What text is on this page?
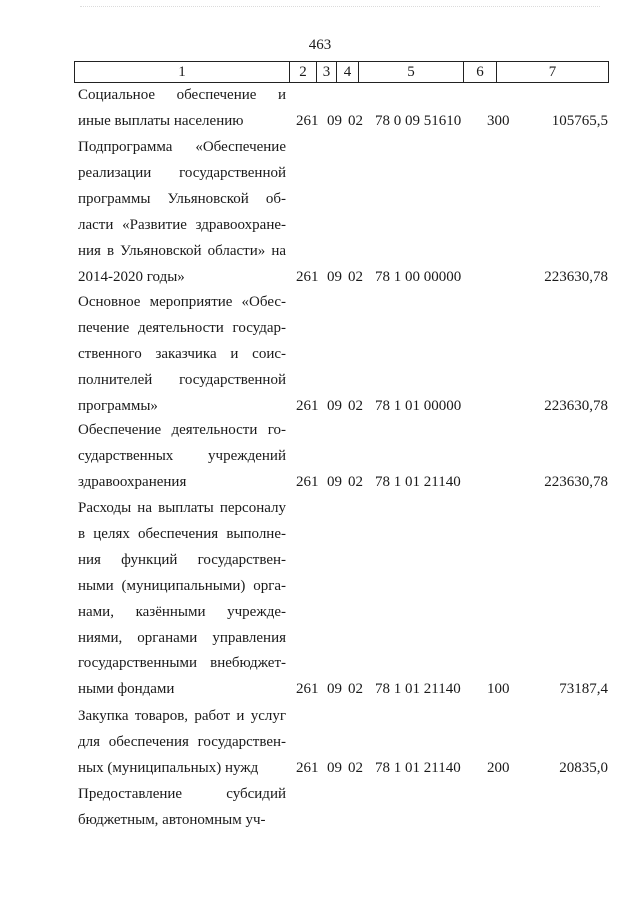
463
1	2	3 4	5	6	7
Социальное обеспечение и
иные выплаты населению	261 09 02 78 0 09 51610 300	105765,5
Подпрограмма «Обеспечение
реализации государственной
программы Ульяновской об-
ласти «Развитие здравоохране-
ния в Ульяновской области» на
2014-2020 годы»	261 09 02 78 1 00 00000	223630,78
Основное мероприятие «Обес-
печение деятельности государ-
ственного заказчика и соис-
полнителей государственной
программы»	261 09 02 78 1 01 00000	223630,78
Обеспечение деятельности го-
сударственных учреждений
здравоохранения	261 09 02 78 1 01 21140	223630,78
Расходы на выплаты персоналу
в целях обеспечения выполне-
ния функций государствен-
ными (муниципальными) орга-
нами, казёнными учрежде-
ниями, органами управления
государственными внебюджет-
ными фондами	261 09 02 78 1 01 21140 100	73187,4
Закупка товаров, работ и услуг
для обеспечения государствен-
ных (муниципальных) нужд	261 09 02 78 1 01 21140 200	20835,0
Предоставление субсидий
бюджетным, автономным уч-
